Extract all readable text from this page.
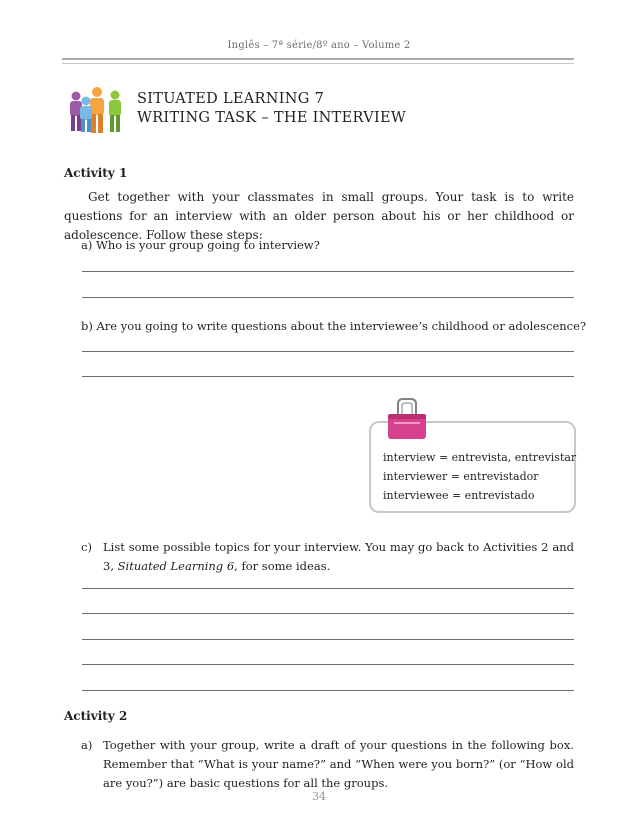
Inglês – 7ª série/8º ano – Volume 2
SITUATED LEARNING 7
WRITING TASK – THE INTERVIEW
Activity 1
Get together with your classmates in small groups. Your task is to write questions for an interview with an older person about his or her childhood or adolescence. Follow these steps:
a) Who is your group going to interview?
b) Are you going to write questions about the interviewee’s childhood or adolescence?
interview = entrevista, entrevistar
interviewer = entrevistador
interviewee = entrevistado
c) List some possible topics for your interview. You may go back to Activities 2 and 3, Situated Learning 6, for some ideas.
Activity 2
a) Together with your group, write a draft of your questions in the following box. Remember that “What is your name?” and “When were you born?” (or “How old are you?”) are basic questions for all the groups.
34
